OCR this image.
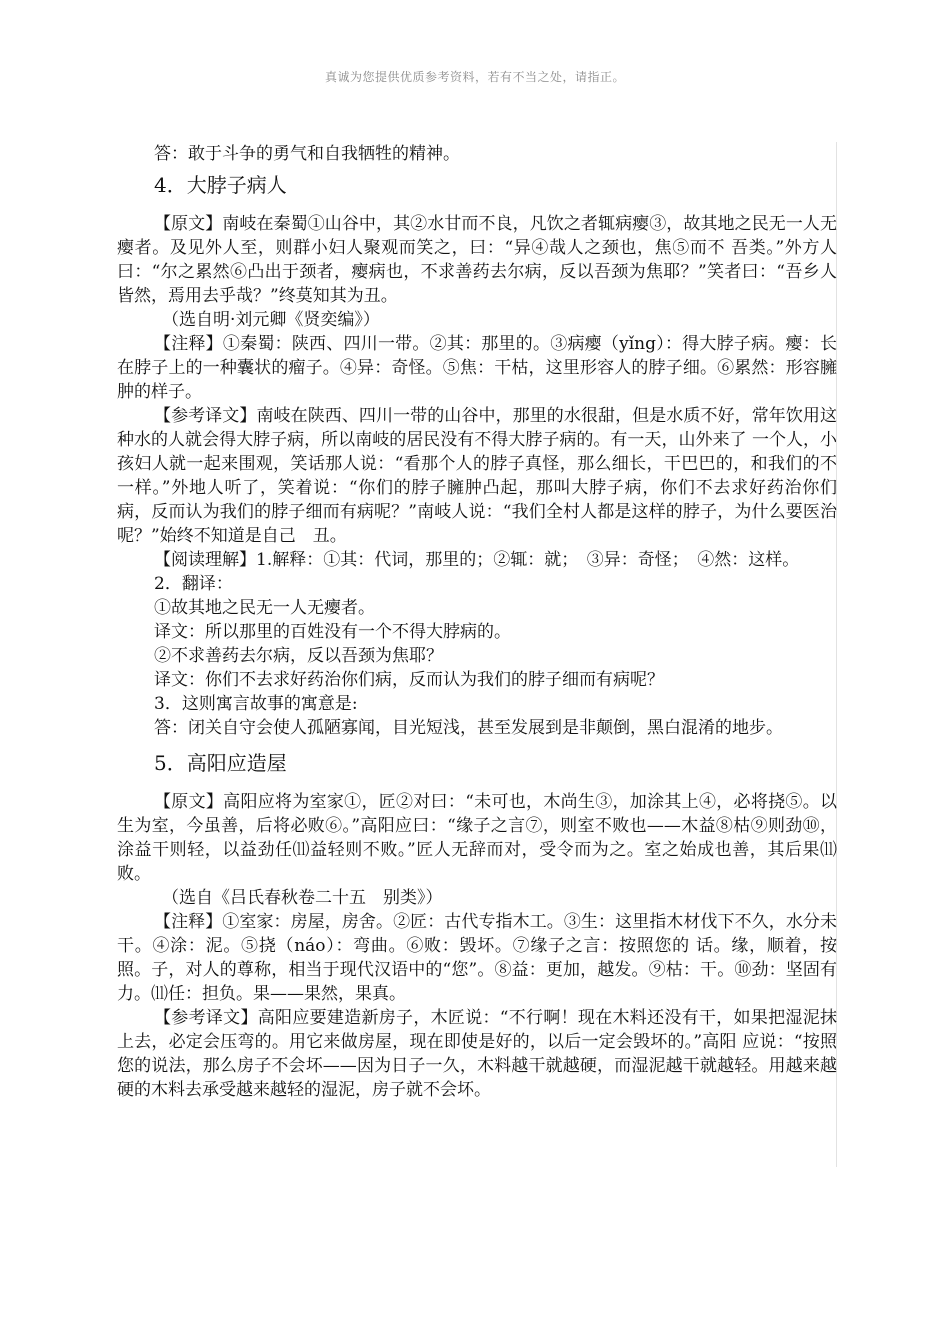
真诚为您提供优质参考资料，若有不当之处，请指正。

答：敢于斗争的勇气和自我牺牲的精神。

4．大脖子病人

【原文】南岐在秦蜀①山谷中，其②水甘而不良，凡饮之者辄病瘿③，故其地之民无一人无瘿者。及见外人至，则群小妇人聚观而笑之，曰：“异④哉人之颈也，焦⑤而不 吾类。”外方人曰：“尔之累然⑥凸出于颈者，瘿病也，不求善药去尔病，反以吾颈为焦耶？”笑者曰：“吾乡人皆然，焉用去乎哉？”终莫知其为丑。

（选自明·刘元卿《贤奕编》）

【注释】①秦蜀：陕西、四川一带。②其：那里的。③病瘿（yǐng）：得大脖子病。瘿：长在脖子上的一种囊状的瘤子。④异：奇怪。⑤焦：干枯，这里形容人的脖子细。⑥累然：形容臃肿的样子。

【参考译文】南岐在陕西、四川一带的山谷中，那里的水很甜，但是水质不好，常年饮用这种水的人就会得大脖子病，所以南岐的居民没有不得大脖子病的。有一天，山外来了 一个人，小孩妇人就一起来围观，笑话那人说：“看那个人的脖子真怪，那么细长，干巴巴的，和我们的不一样。”外地人听了，笑着说：“你们的脖子臃肿凸起，那叫大脖子病，你们不去求好药治你们病，反而认为我们的脖子细而有病呢？”南岐人说：“我们全村人都是这样的脖子，为什么要医治呢？”始终不知道是自己　丑。

【阅读理解】1.解释：①其：代词，那里的；②辄：就；　③异：奇怪；　④然：这样。

2．翻译：

①故其地之民无一人无瘿者。

译文：所以那里的百姓没有一个不得大脖病的。

②不求善药去尔病，反以吾颈为焦耶？

译文：你们不去求好药治你们病，反而认为我们的脖子细而有病呢？

3．这则寓言故事的寓意是:

答：闭关自守会使人孤陋寡闻，目光短浅，甚至发展到是非颠倒，黑白混淆的地步。

5．高阳应造屋

【原文】高阳应将为室家①，匠②对曰：“未可也，木尚生③，加涂其上④，必将挠⑤。以生为室，今虽善，后将必败⑥。”高阳应曰：“缘子之言⑦，则室不败也——木益⑧枯⑨则劲⑩，涂益干则轻，以益劲任⑾益轻则不败。”匠人无辞而对，受令而为之。室之始成也善，其后果⑾败。

（选自《吕氏春秋卷二十五　别类》）

【注释】①室家：房屋，房舍。②匠：古代专指木工。③生：这里指木材伐下不久，水分未干。④涂：泥。⑤挠（náo）：弯曲。⑥败：毁坏。⑦缘子之言：按照您的 话。缘，顺着，按照。子，对人的尊称，相当于现代汉语中的“您”。⑧益：更加，越发。⑨枯：干。⑩劲：坚固有力。⑾任：担负。果——果然，果真。

【参考译文】高阳应要建造新房子，木匠说：“不行啊！现在木料还没有干，如果把湿泥抹上去，必定会压弯的。用它来做房屋，现在即使是好的，以后一定会毁坏的。”高阳 应说：“按照您的说法，那么房子不会坏——因为日子一久，木料越干就越硬，而湿泥越干就越轻。用越来越硬的木料去承受越来越轻的湿泥，房子就不会坏。
